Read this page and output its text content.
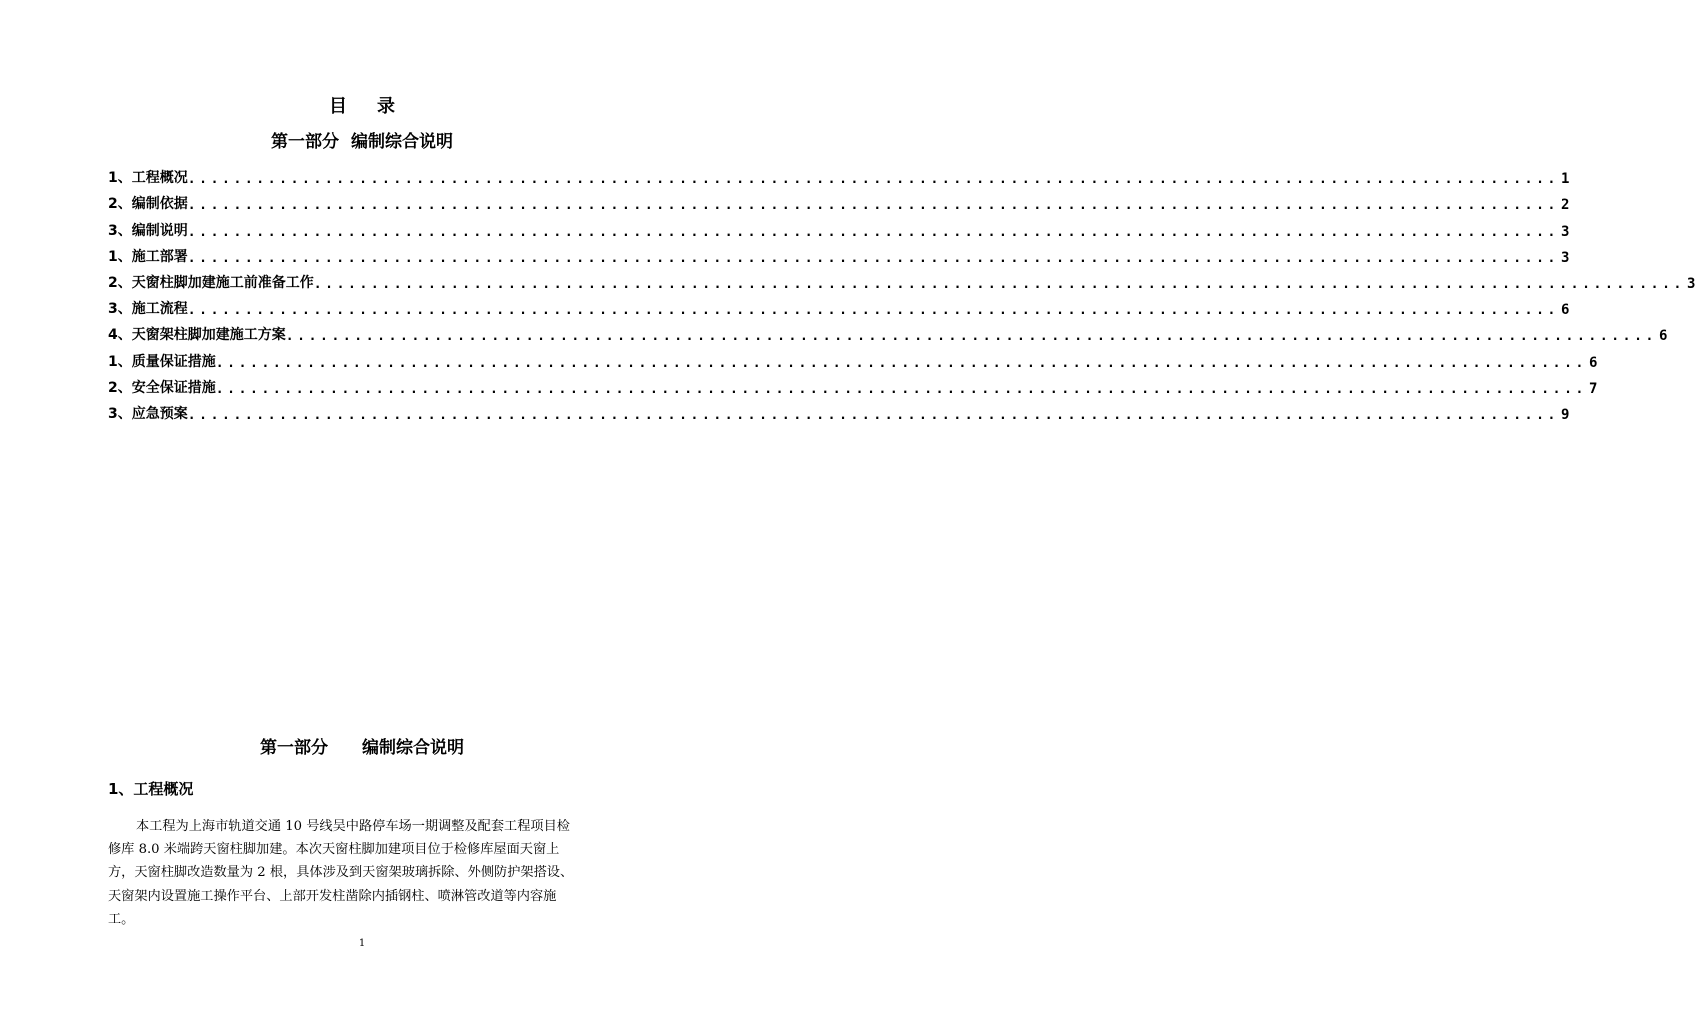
目 录
第一部分 编制综合说明
1、工程概况 ........................................................................................................................ 1
2、编制依据 ........................................................................................................................ 2
3、编制说明 ........................................................................................................................ 3
1、施工部署 ........................................................................................................................ 3
2、天窗柱脚加建施工前准备工作 ........................................................................................................................ 3
3、施工流程 ........................................................................................................................ 6
4、天窗架柱脚加建施工方案 ........................................................................................................................ 6
1、质量保证措施 ........................................................................................................................ 6
2、安全保证措施 ........................................................................................................................ 7
3、应急预案 ........................................................................................................................ 9
第一部分 编制综合说明
1、工程概况
本工程为上海市轨道交通 10 号线吴中路停车场一期调整及配套工程项目检
修库 8.0 米端跨天窗柱脚加建。本次天窗柱脚加建项目位于检修库屋面天窗上
方，天窗柱脚改造数量为 2 根，具体涉及到天窗架玻璃拆除、外侧防护架搭设、
天窗架内设置施工操作平台、上部开发柱凿除内插钢柱、喷淋管改道等内容施
工。
1
